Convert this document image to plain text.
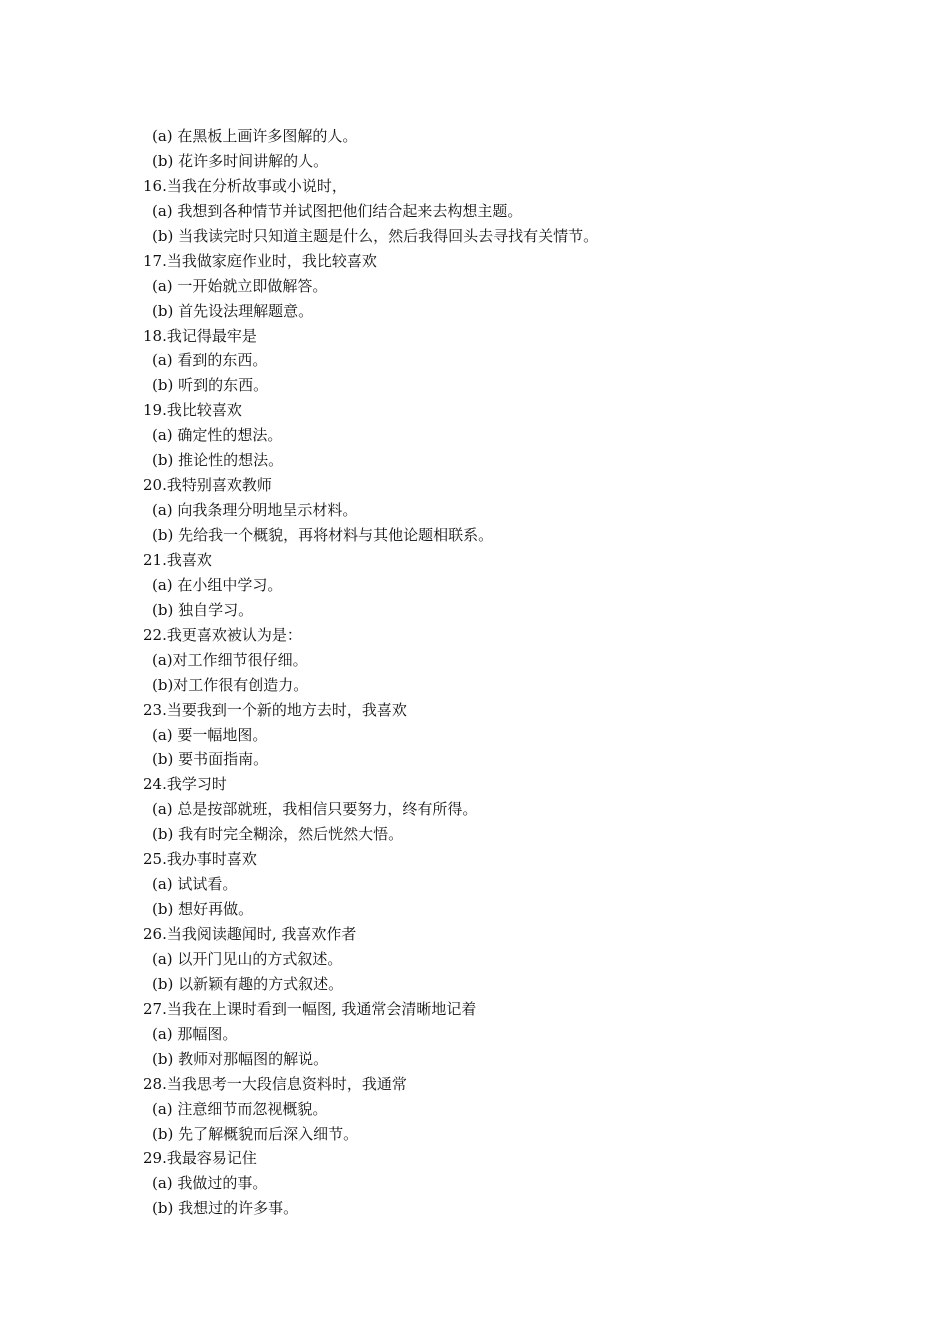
(a) 在黑板上画许多图解的人。
(b) 花许多时间讲解的人。
16.当我在分析故事或小说时，
(a) 我想到各种情节并试图把他们结合起来去构想主题。
(b) 当我读完时只知道主题是什么，然后我得回头去寻找有关情节。
17.当我做家庭作业时，我比较喜欢
(a) 一开始就立即做解答。
(b) 首先设法理解题意。
18.我记得最牢是
(a) 看到的东西。
(b) 听到的东西。
19.我比较喜欢
(a) 确定性的想法。
(b) 推论性的想法。
20.我特别喜欢教师
(a) 向我条理分明地呈示材料。
(b) 先给我一个概貌，再将材料与其他论题相联系。
21.我喜欢
(a) 在小组中学习。
(b) 独自学习。
22.我更喜欢被认为是：
(a)对工作细节很仔细。
(b)对工作很有创造力。
23.当要我到一个新的地方去时，我喜欢
(a) 要一幅地图。
(b) 要书面指南。
24.我学习时
(a) 总是按部就班，我相信只要努力，终有所得。
(b) 我有时完全糊涂，然后恍然大悟。
25.我办事时喜欢
(a) 试试看。
(b) 想好再做。
26.当我阅读趣闻时, 我喜欢作者
(a) 以开门见山的方式叙述。
(b) 以新颖有趣的方式叙述。
27.当我在上课时看到一幅图, 我通常会清晰地记着
(a) 那幅图。
(b) 教师对那幅图的解说。
28.当我思考一大段信息资料时，我通常
(a) 注意细节而忽视概貌。
(b) 先了解概貌而后深入细节。
29.我最容易记住
(a) 我做过的事。
(b) 我想过的许多事。
